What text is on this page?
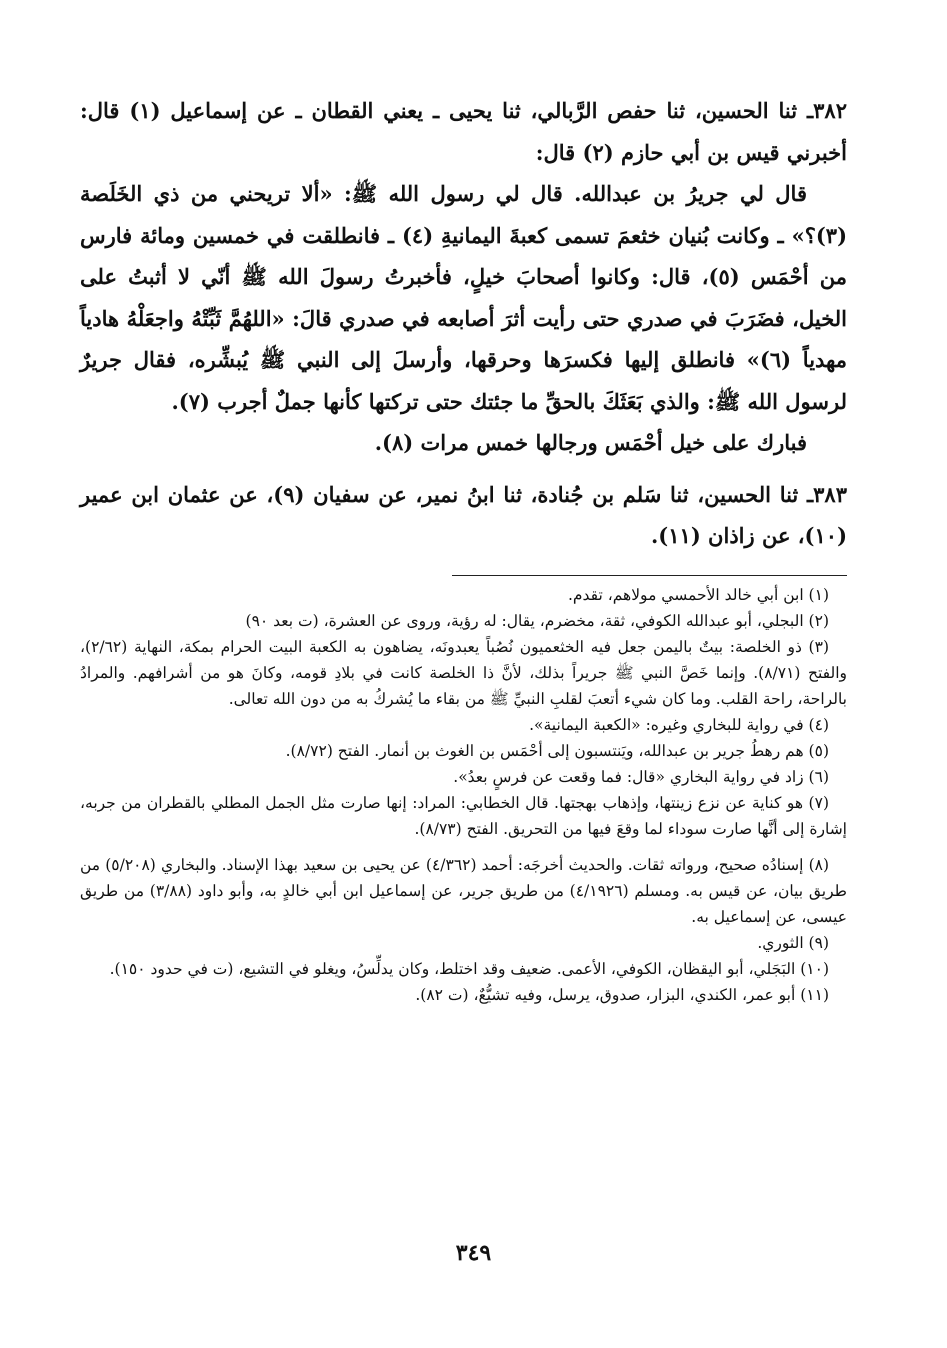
٣٨٢ـ ثنا الحسين، ثنا حفص الرَّبالي، ثنا يحيى ـ يعني القطان ـ عن إسماعيل (١) قال: أخبرني قيس بن أبي حازم (٢) قال:

قال لي جريرُ بن عبدالله. قال لي رسول الله ﷺ: «ألا تريحني من ذي الخَلَصة (٣)؟» ـ وكانت بُنيان خثعمَ تسمى كعبةَ اليمانيةِ (٤) ـ فانطلقت في خمسين ومائة فارس من أحْمَس (٥)، قال: وكانوا أصحابَ خيلٍ، فأخبرتُ رسولَ الله ﷺ أنّي لا أثبتُ على الخيل، فضَرَبَ في صدري حتى رأيت أثرَ أصابعه في صدري قالَ: «اللهُمَّ ثَبِّتْهُ واجعَلْهُ هادياً مهدياً (٦)» فانطلق إليها فكسرَها وحرقها، وأرسلَ إلى النبي ﷺ يُبشِّره، فقال جريرٌ لرسول الله ﷺ: والذي بَعَثَكَ بالحقِّ ما جئتك حتى تركتها كأنها جملٌ أجرب (٧).

فبارك على خيل أحْمَس ورجالها خمس مرات (٨).

٣٨٣ـ ثنا الحسين، ثنا سَلم بن جُنادة، ثنا ابنُ نمير، عن سفيان (٩)، عن عثمان ابن عمير (١٠)، عن زاذان (١١).

(١) ابن أبي خالد الأحمسي مولاهم، تقدم.

(٢) البجلي، أبو عبدالله الكوفي، ثقة، مخضرم، يقال: له رؤية، وروى عن العشرة، (ت بعد ٩٠)

(٣) ذو الخلصة: بيتٌ باليمن جعل فيه الخثعميون نُصُباً يعبدونَه، يضاهون به الكعبة البيت الحرام بمكة، النهاية (٢/٦٢)، والفتح (٨/٧١). وإنما خَصَّ النبي ﷺ جريراً بذلك، لأنَّ ذا الخلصة كانت في بلادِ قومه، وكانَ هو من أشرافهم. والمرادُ بالراحة، راحة القلب. وما كان شيء أتعبَ لقلبِ النبيِّ ﷺ من بقاء ما يُشركُ به من دون الله تعالى.

(٤) في رواية للبخاري وغيره: «الكعبة اليمانية».

(٥) هم رهطُ جرير بن عبدالله، ويَنتسبون إلى أحْمَس بن الغوث بن أنمار. الفتح (٨/٧٢).

(٦) زاد في رواية البخاري «قال: فما وقعت عن فرسٍ بعدُ».

(٧) هو كناية عن نزع زينتها، وإذهاب بهجتها. قال الخطابي: المراد: إنها صارت مثل الجمل المطلي بالقطران من جربه، إشارة إلى أنَّها صارت سوداء لما وقعَ فيها من التحريق. الفتح (٨/٧٣).

(٨) إسنادُه صحيح، ورواته ثقات. والحديث أخرجَه: أحمد (٤/٣٦٢) عن يحيى بن سعيد بهذا الإسناد. والبخاري (٥/٢٠٨) من طريق بيان، عن قيس به. ومسلم (٤/١٩٢٦) من طريق جرير، عن إسماعيل ابن أبي خالدٍ به، وأبو داود (٣/٨٨) من طريق عيسى، عن إسماعيل به.

(٩) الثوري.

(١٠) البَجَلي، أبو اليقظان، الكوفي، الأعمى. ضعيف وقد اختلط، وكان يدلِّسُ، ويغلو في التشيع، (ت في حدود ١٥٠).

(١١) أبو عمر، الكندي، البزار، صدوق، يرسل، وفيه تشيُّعٌ، (ت ٨٢).

٣٤٩
